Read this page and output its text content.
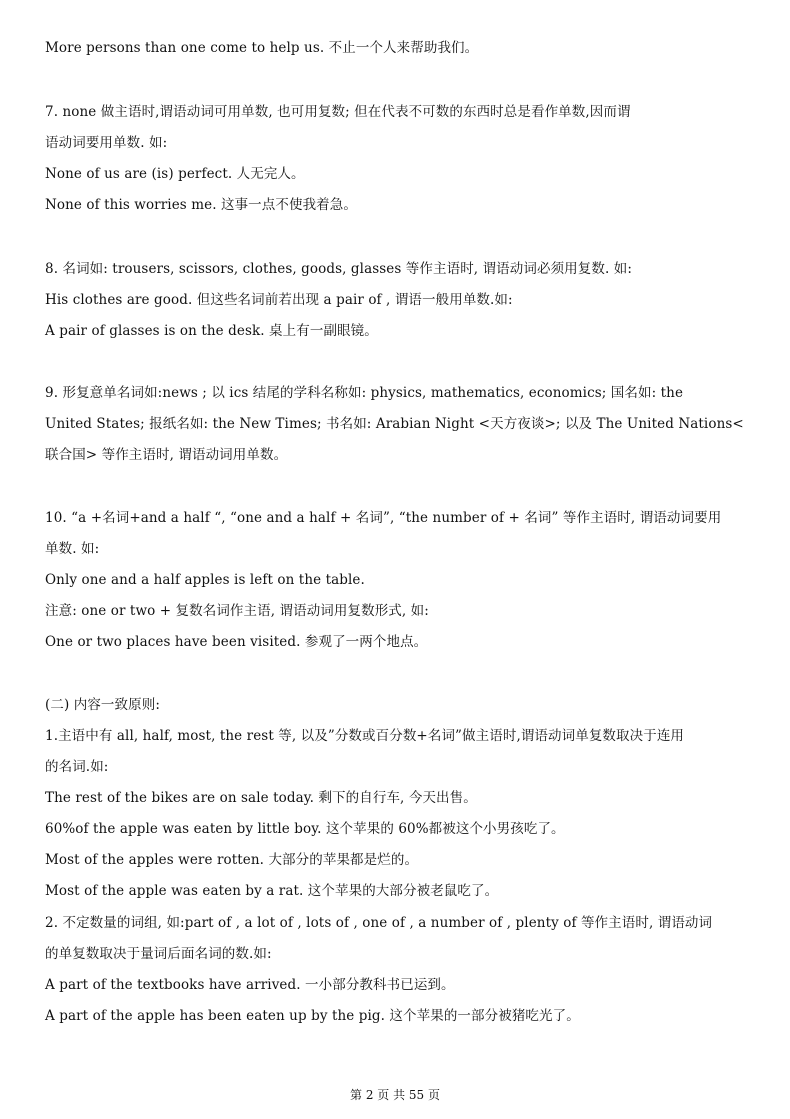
More persons than one come to help us. 不止一个人来帮助我们。
7. none 做主语时,谓语动词可用单数, 也可用复数; 但在代表不可数的东西时总是看作单数,因而谓
语动词要用单数. 如:
None of us are (is) perfect. 人无完人。
None of this worries me. 这事一点不使我着急。
8. 名词如: trousers, scissors, clothes, goods, glasses 等作主语时, 谓语动词必须用复数. 如:
His clothes are good. 但这些名词前若出现 a pair of , 谓语一般用单数.如:
A pair of glasses is on the desk. 桌上有一副眼镜。
9. 形复意单名词如:news ; 以 ics 结尾的学科名称如: physics, mathematics, economics; 国名如: the
United States; 报纸名如: the New Times; 书名如: Arabian Night <天方夜谈>; 以及 The United Nations<
联合国> 等作主语时, 谓语动词用单数。
10. “a +名词+and a half “, “one and a half + 名词”, “the number of + 名词” 等作主语时, 谓语动词要用
单数. 如:
Only one and a half apples is left on the table.
注意: one or two + 复数名词作主语, 谓语动词用复数形式, 如:
One or two places have been visited. 参观了一两个地点。
(二) 内容一致原则:
1.主语中有 all, half, most, the rest 等, 以及”分数或百分数+名词”做主语时,谓语动词单复数取决于连用
的名词.如:
The rest of the bikes are on sale today. 剩下的自行车, 今天出售。
60%of the apple was eaten by little boy. 这个苹果的 60%都被这个小男孩吃了。
Most of the apples were rotten. 大部分的苹果都是烂的。
Most of the apple was eaten by a rat. 这个苹果的大部分被老鼠吃了。
2. 不定数量的词组, 如:part of , a lot of , lots of , one of , a number of , plenty of 等作主语时, 谓语动词
的单复数取决于量词后面名词的数.如:
A part of the textbooks have arrived. 一小部分教科书已运到。
A part of the apple has been eaten up by the pig. 这个苹果的一部分被猪吃光了。
第 2 页 共 55 页
